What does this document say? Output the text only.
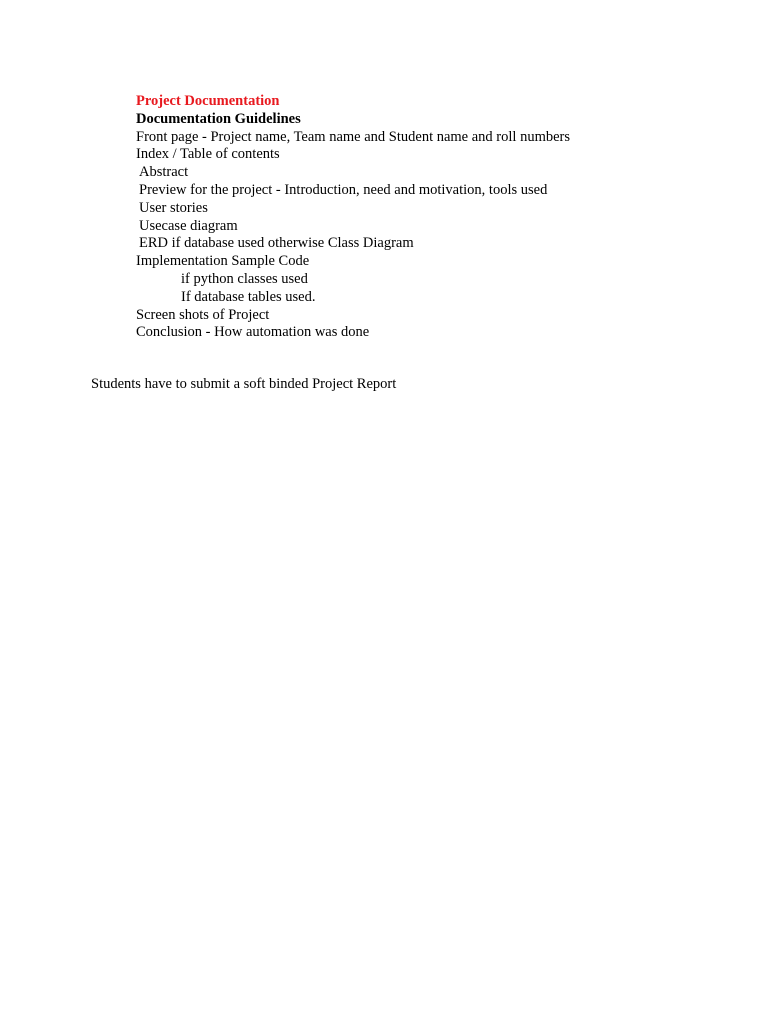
Project Documentation
Documentation Guidelines
Front page - Project name, Team name and Student name and roll numbers
Index / Table of contents
Abstract
Preview for the project - Introduction, need and motivation, tools used
User stories
Usecase diagram
ERD if database used otherwise Class Diagram
Implementation Sample Code
if python classes used
If database tables used.
Screen shots of Project
Conclusion - How automation was done
Students have to submit a soft binded Project Report
